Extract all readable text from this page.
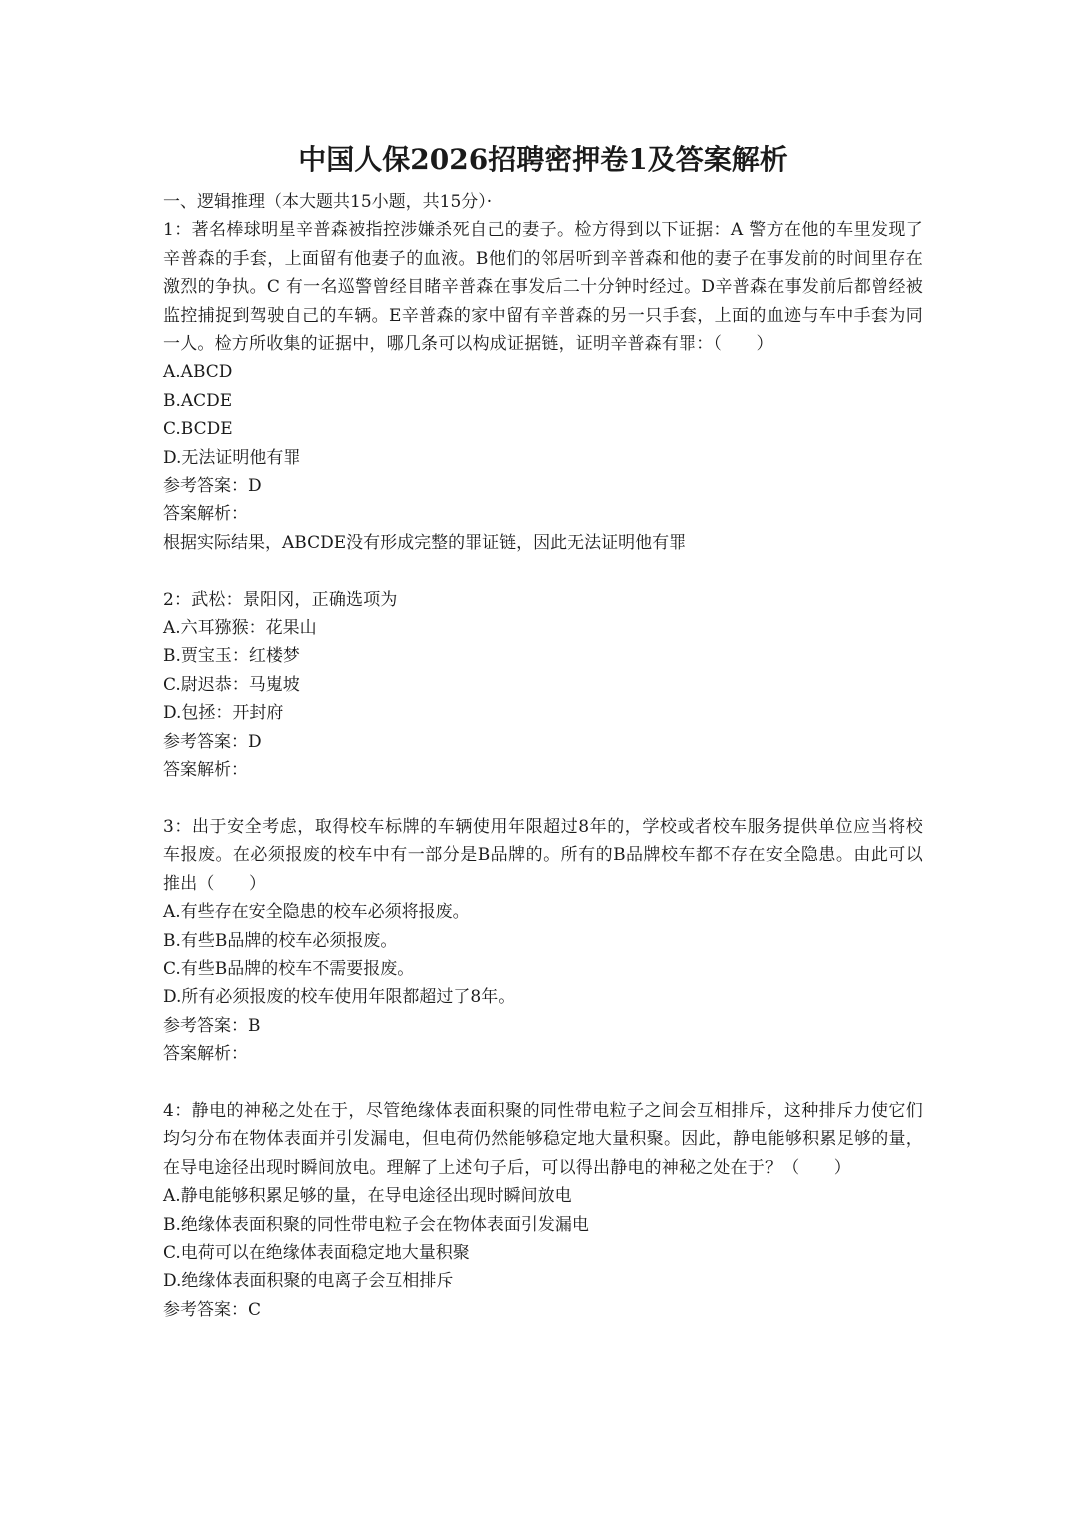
中国人保2026招聘密押卷1及答案解析
一、逻辑推理（本大题共15小题，共15分）·

1：著名棒球明星辛普森被指控涉嫌杀死自己的妻子。检方得到以下证据：A 警方在他的车里发现了辛普森的手套，上面留有他妻子的血液。B他们的邻居听到辛普森和他的妻子在事发前的时间里存在激烈的争执。C 有一名巡警曾经目睹辛普森在事发后二十分钟时经过。D辛普森在事发前后都曾经被监控捕捉到驾驶自己的车辆。E辛普森的家中留有辛普森的另一只手套，上面的血迹与车中手套为同一人。检方所收集的证据中，哪几条可以构成证据链，证明辛普森有罪：（　　）

A.ABCD
B.ACDE
C.BCDE
D.无法证明他有罪
参考答案：D
答案解析：
根据实际结果，ABCDE没有形成完整的罪证链，因此无法证明他有罪

2：武松：景阳冈，正确选项为

A.六耳猕猴：花果山
B.贾宝玉：红楼梦
C.尉迟恭：马嵬坡
D.包拯：开封府
参考答案：D
答案解析：

3：出于安全考虑，取得校车标牌的车辆使用年限超过8年的，学校或者校车服务提供单位应当将校车报废。在必须报废的校车中有一部分是B品牌的。所有的B品牌校车都不存在安全隐患。由此可以推出（　　）

A.有些存在安全隐患的校车必须将报废。
B.有些B品牌的校车必须报废。
C.有些B品牌的校车不需要报废。
D.所有必须报废的校车使用年限都超过了8年。
参考答案：B
答案解析：

4：静电的神秘之处在于，尽管绝缘体表面积聚的同性带电粒子之间会互相排斥，这种排斥力使它们均匀分布在物体表面并引发漏电，但电荷仍然能够稳定地大量积聚。因此，静电能够积累足够的量，在导电途径出现时瞬间放电。理解了上述句子后，可以得出静电的神秘之处在于？（　　）

A.静电能够积累足够的量，在导电途径出现时瞬间放电
B.绝缘体表面积聚的同性带电粒子会在物体表面引发漏电
C.电荷可以在绝缘体表面稳定地大量积聚
D.绝缘体表面积聚的电离子会互相排斥
参考答案：C
